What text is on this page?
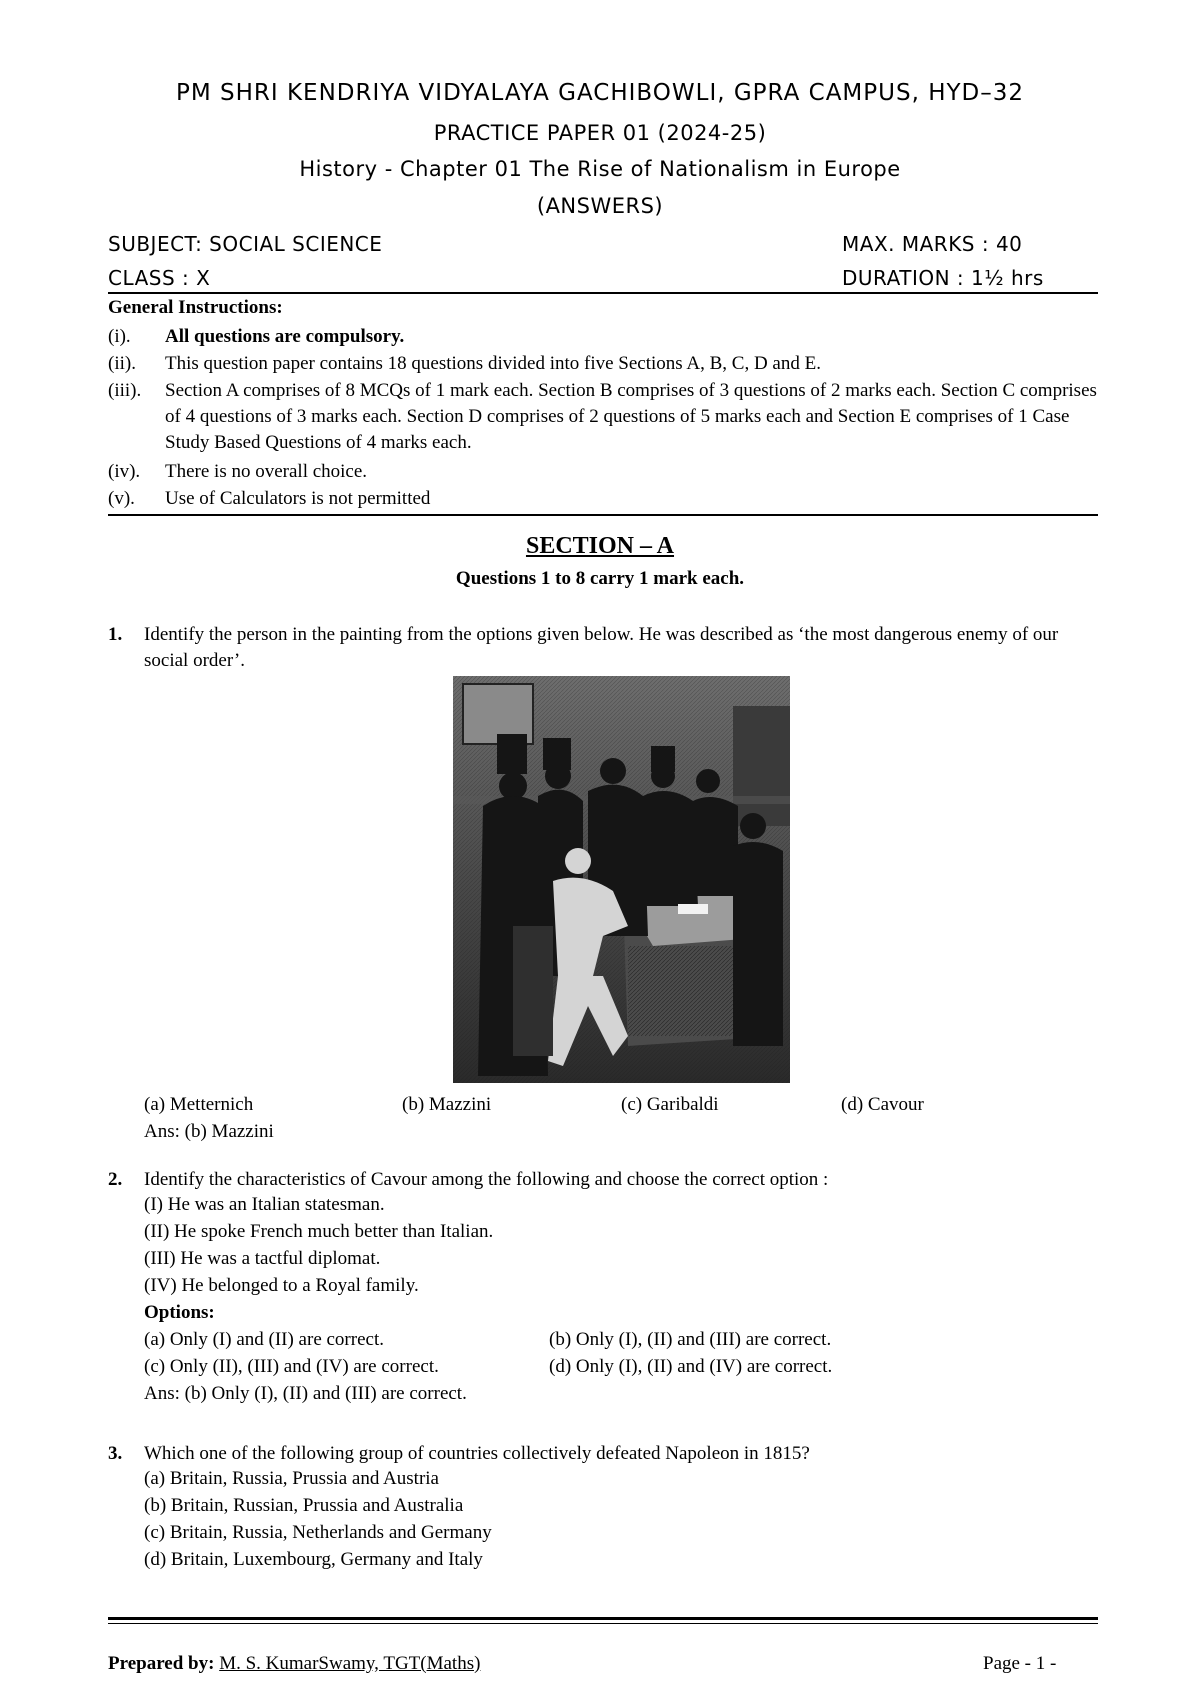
PM SHRI KENDRIYA VIDYALAYA GACHIBOWLI, GPRA CAMPUS, HYD–32
PRACTICE PAPER 01 (2024-25)
History - Chapter 01 The Rise of Nationalism in Europe
(ANSWERS)
SUBJECT: SOCIAL SCIENCE	MAX. MARKS : 40
CLASS : X	DURATION : 1½ hrs
General Instructions:
(i). All questions are compulsory.
(ii). This question paper contains 18 questions divided into five Sections A, B, C, D and E.
(iii). Section A comprises of 8 MCQs of 1 mark each. Section B comprises of 3 questions of 2 marks each. Section C comprises of 4 questions of 3 marks each. Section D comprises of 2 questions of 5 marks each and Section E comprises of 1 Case Study Based Questions of 4 marks each.
(iv). There is no overall choice.
(v). Use of Calculators is not permitted
SECTION – A
Questions 1 to 8 carry 1 mark each.
1. Identify the person in the painting from the options given below. He was described as ‘the most dangerous enemy of our social order’.
(a) Metternich	(b) Mazzini	(c) Garibaldi	(d) Cavour
Ans: (b) Mazzini
2. Identify the characteristics of Cavour among the following and choose the correct option :
(I) He was an Italian statesman.
(II) He spoke French much better than Italian.
(III) He was a tactful diplomat.
(IV) He belonged to a Royal family.
Options:
(a) Only (I) and (II) are correct.	(b) Only (I), (II) and (III) are correct.
(c) Only (II), (III) and (IV) are correct.	(d) Only (I), (II) and (IV) are correct.
Ans: (b) Only (I), (II) and (III) are correct.
3. Which one of the following group of countries collectively defeated Napoleon in 1815?
(a) Britain, Russia, Prussia and Austria
(b) Britain, Russian, Prussia and Australia
(c) Britain, Russia, Netherlands and Germany
(d) Britain, Luxembourg, Germany and Italy
Prepared by: M. S. KumarSwamy, TGT(Maths)	Page - 1 -
